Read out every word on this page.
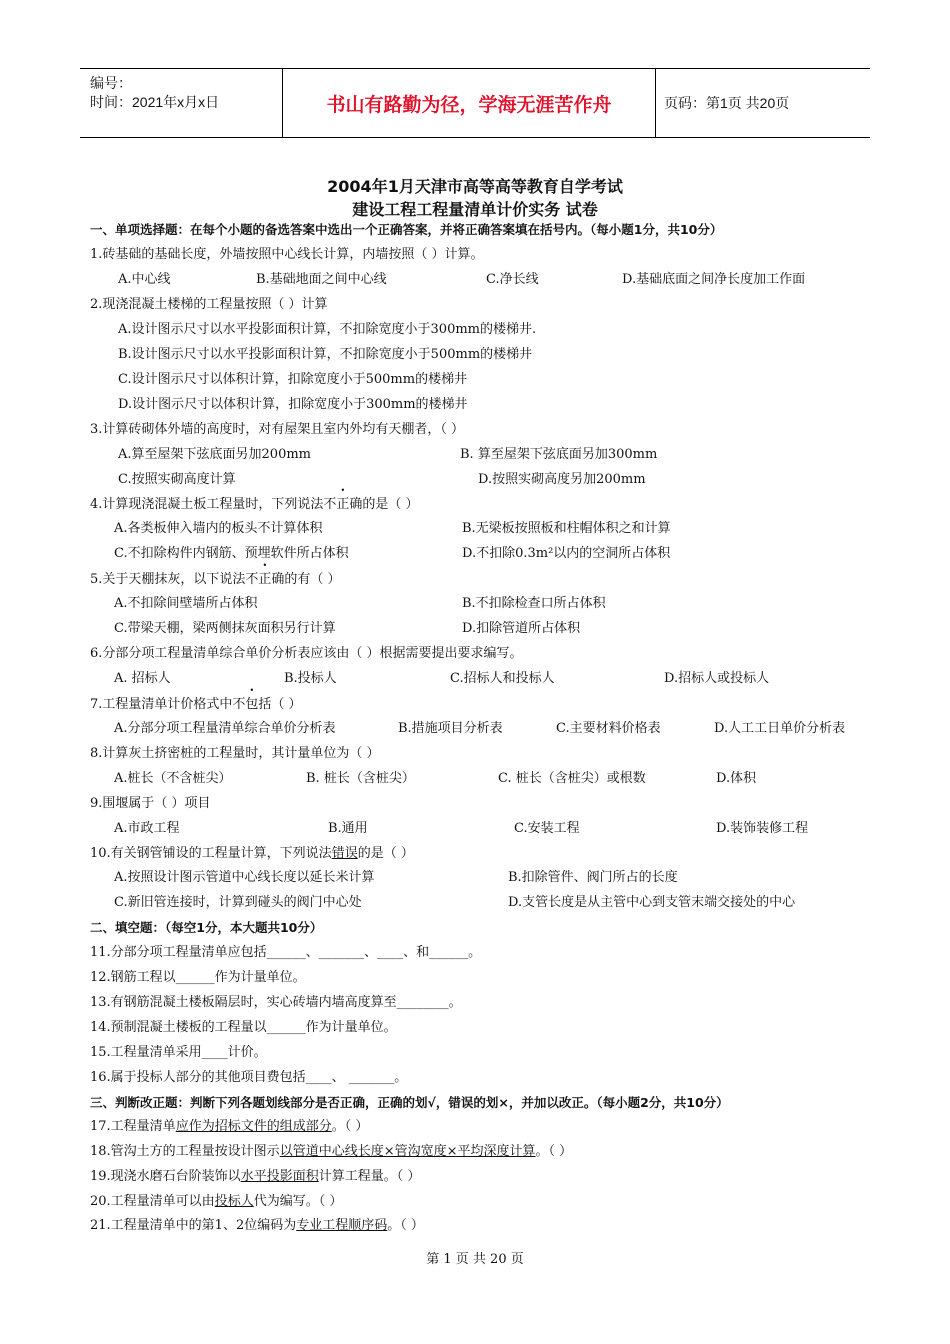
编号：
时间：2021年x月x日	书山有路勤为径，学海无涯苦作舟	页码：第1页 共20页
2004年1月天津市高等高等教育自学考试
建设工程工程量清单计价实务 试卷
一、单项选择题：在每个小题的备选答案中选出一个正确答案，并将正确答案填在括号内。（每小题1分，共10分）
1.砖基础的基础长度，外墙按照中心线长计算，内墙按照（ ）计算。
A.中心线	B.基础地面之间中心线	C.净长线	D.基础底面之间净长度加工作面
2.现浇混凝土楼梯的工程量按照（ ）计算
A.设计图示尺寸以水平投影面积计算，不扣除宽度小于300mm的楼梯井.
B.设计图示尺寸以水平投影面积计算，不扣除宽度小于500mm的楼梯井
C.设计图示尺寸以体积计算，扣除宽度小于500mm的楼梯井
D.设计图示尺寸以体积计算，扣除宽度小于300mm的楼梯井
3.计算砖砌体外墙的高度时，对有屋架且室内外均有天棚者，（ ）
A.算至屋架下弦底面另加200mm	B. 算至屋架下弦底面另加300mm
C.按照实砌高度计算	D.按照实砌高度另加200mm
4.计算现浇混凝土板工程量时，下列说法不正确的是（ ）
A.各类板伸入墙内的板头不计算体积	B.无梁板按照板和柱帽体积之和计算
C.不扣除构件内钢筋、预埋软件所占体积	D.不扣除0.3m²以内的空洞所占体积
5.关于天棚抹灰，以下说法不正确的有（ ）
A.不扣除间壁墙所占体积	B.不扣除检查口所占体积
C.带梁天棚，梁两侧抹灰面积另行计算	D.扣除管道所占体积
6.分部分项工程量清单综合单价分析表应该由（ ）根据需要提出要求编写。
A. 招标人	B.投标人	C.招标人和投标人	D.招标人或投标人
7.工程量清单计价格式中不包括（ ）
A.分部分项工程量清单综合单价分析表	B.措施项目分析表	C.主要材料价格表	D.人工工日单价分析表
8.计算灰土挤密桩的工程量时，其计量单位为（ ）
A.桩长（不含桩尖）	B. 桩长（含桩尖）	C. 桩长（含桩尖）或根数	D.体积
9.围堰属于（ ）项目
A.市政工程	B.通用	C.安装工程	D.装饰装修工程
10.有关钢管铺设的工程量计算，下列说法错误的是（ ）
A.按照设计图示管道中心线长度以延长米计算	B.扣除管件、阀门所占的长度
C.新旧管连接时，计算到碰头的阀门中心处	D.支管长度是从主管中心到支管末端交接处的中心
二、填空题：（每空1分，本大题共10分）
11.分部分项工程量清单应包括______、_______、____、和______。
12.钢筋工程以______作为计量单位。
13.有钢筋混凝土楼板隔层时，实心砖墙内墙高度算至________。
14.预制混凝土楼板的工程量以______作为计量单位。
15.工程量清单采用____计价。
16.属于投标人部分的其他项目费包括____、 _______。
三、判断改正题：判断下列各题划线部分是否正确，正确的划√，错误的划×，并加以改正。（每小题2分，共10分）
17.工程量清单应作为招标文件的组成部分。（ ）
18.管沟土方的工程量按设计图示以管道中心线长度×管沟宽度×平均深度计算。（ ）
19.现浇水磨石台阶装饰以水平投影面积计算工程量。（ ）
20.工程量清单可以由投标人代为编写。（ ）
21.工程量清单中的第1、2位编码为专业工程顺序码。（ ）
第 1 页 共 20 页
